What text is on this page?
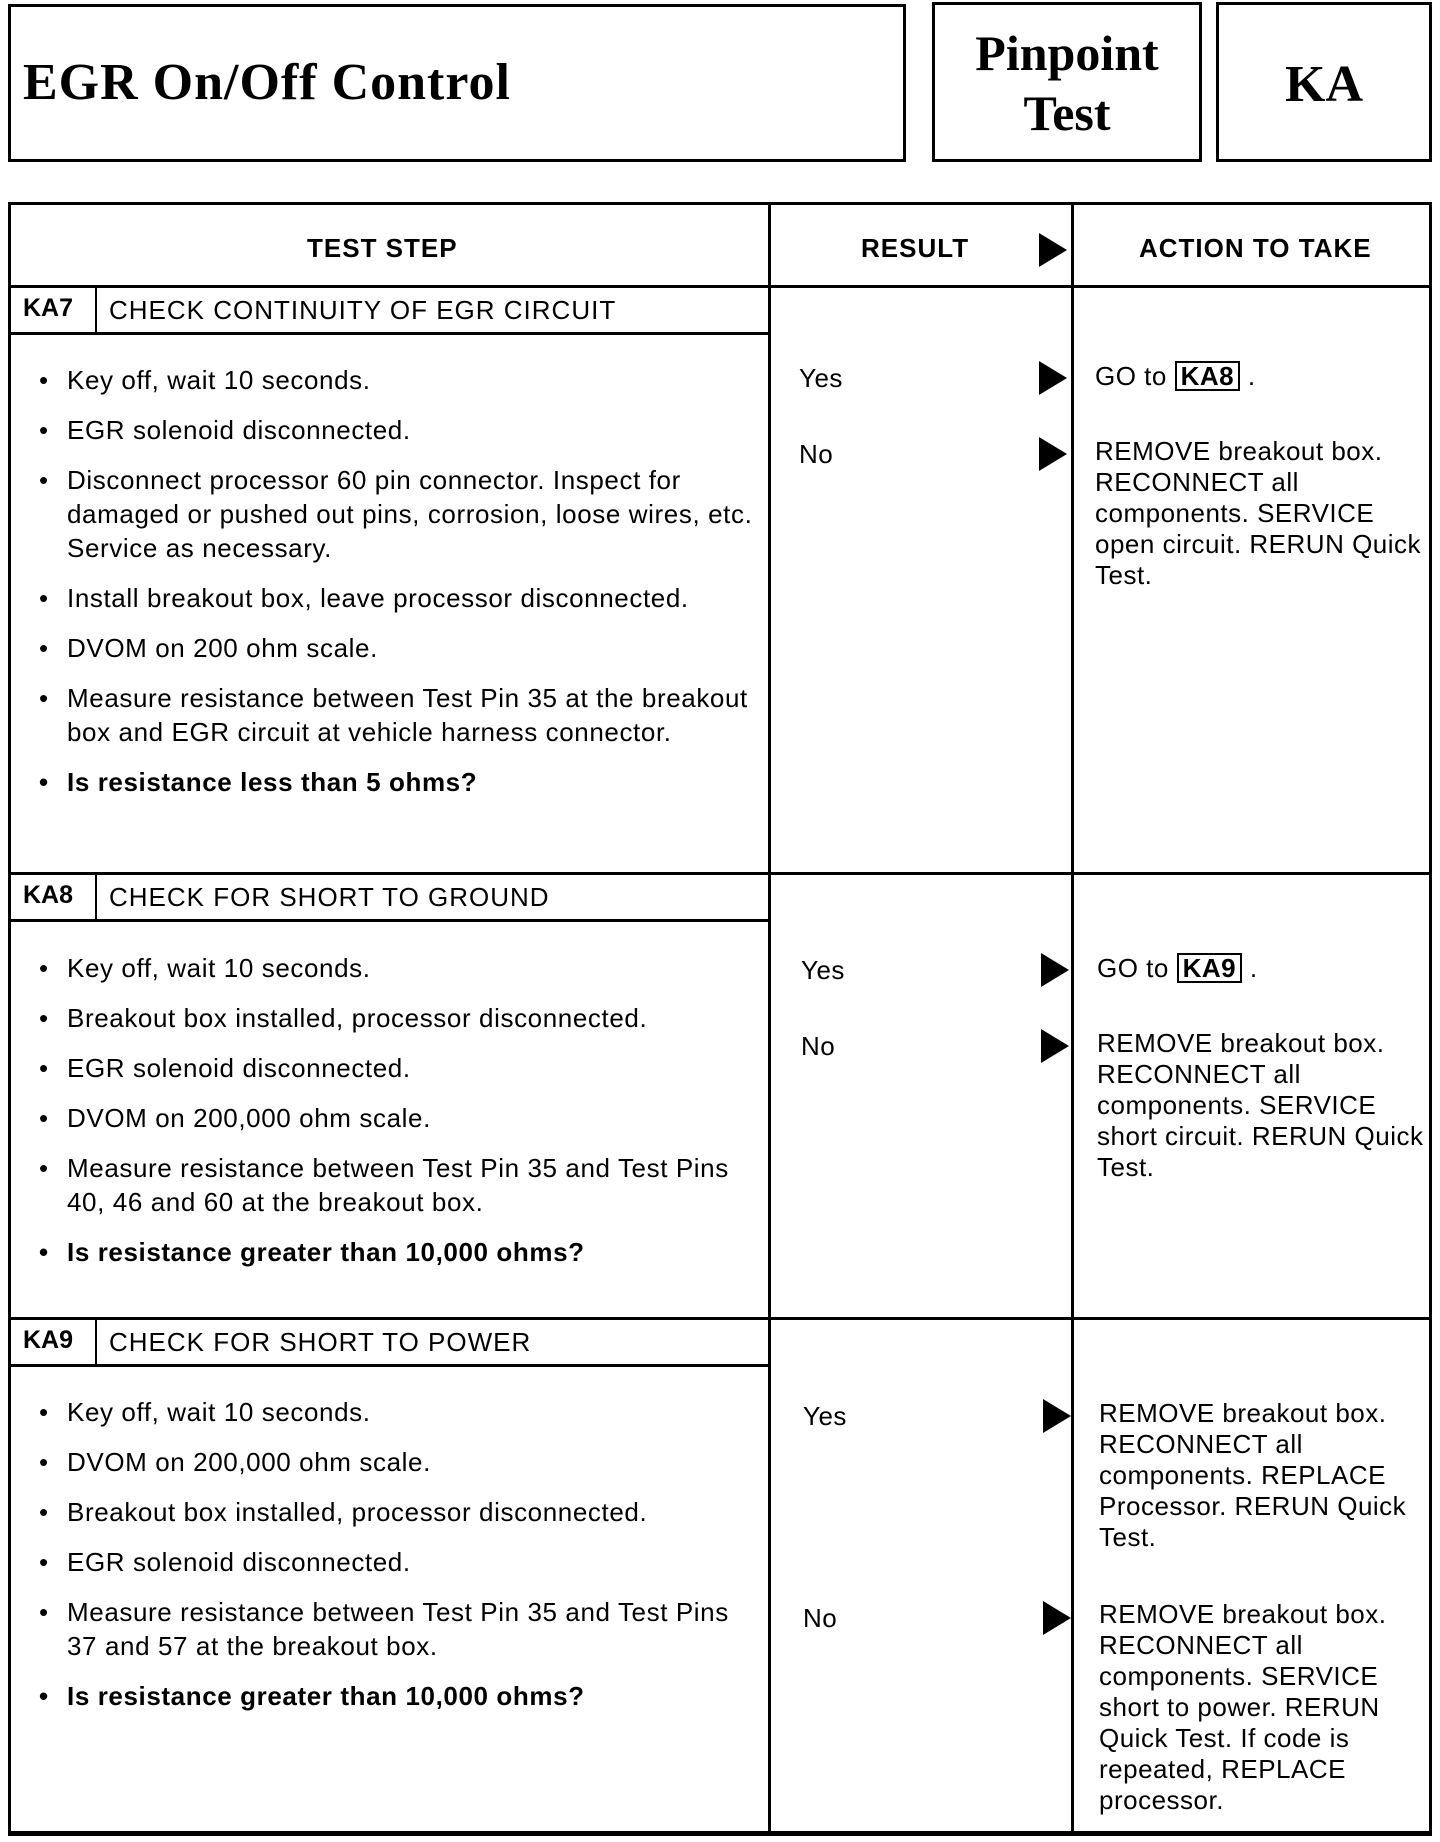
EGR On/Off Control
Pinpoint
Test	KA
TEST STEP	RESULT	ACTION TO TAKE
KA7 CHECK CONTINUITY OF EGR CIRCUIT
• Key off, wait 10 seconds.
• EGR solenoid disconnected.
• Disconnect processor 60 pin connector. Inspect for damaged or pushed out pins, corrosion, loose wires, etc. Service as necessary.
• Install breakout box, leave processor disconnected.
• DVOM on 200 ohm scale.
• Measure resistance between Test Pin 35 at the breakout box and EGR circuit at vehicle harness connector.
• Is resistance less than 5 ohms?
Yes	GO to KA8 .
No	REMOVE breakout box. RECONNECT all components. SERVICE open circuit. RERUN Quick Test.
KA8 CHECK FOR SHORT TO GROUND
• Key off, wait 10 seconds.
• Breakout box installed, processor disconnected.
• EGR solenoid disconnected.
• DVOM on 200,000 ohm scale.
• Measure resistance between Test Pin 35 and Test Pins 40, 46 and 60 at the breakout box.
• Is resistance greater than 10,000 ohms?
Yes	GO to KA9 .
No	REMOVE breakout box. RECONNECT all components. SERVICE short circuit. RERUN Quick Test.
KA9 CHECK FOR SHORT TO POWER
• Key off, wait 10 seconds.
• DVOM on 200,000 ohm scale.
• Breakout box installed, processor disconnected.
• EGR solenoid disconnected.
• Measure resistance between Test Pin 35 and Test Pins 37 and 57 at the breakout box.
• Is resistance greater than 10,000 ohms?
Yes	REMOVE breakout box. RECONNECT all components. REPLACE Processor. RERUN Quick Test.
No	REMOVE breakout box. RECONNECT all components. SERVICE short to power. RERUN Quick Test. If code is repeated, REPLACE processor.
